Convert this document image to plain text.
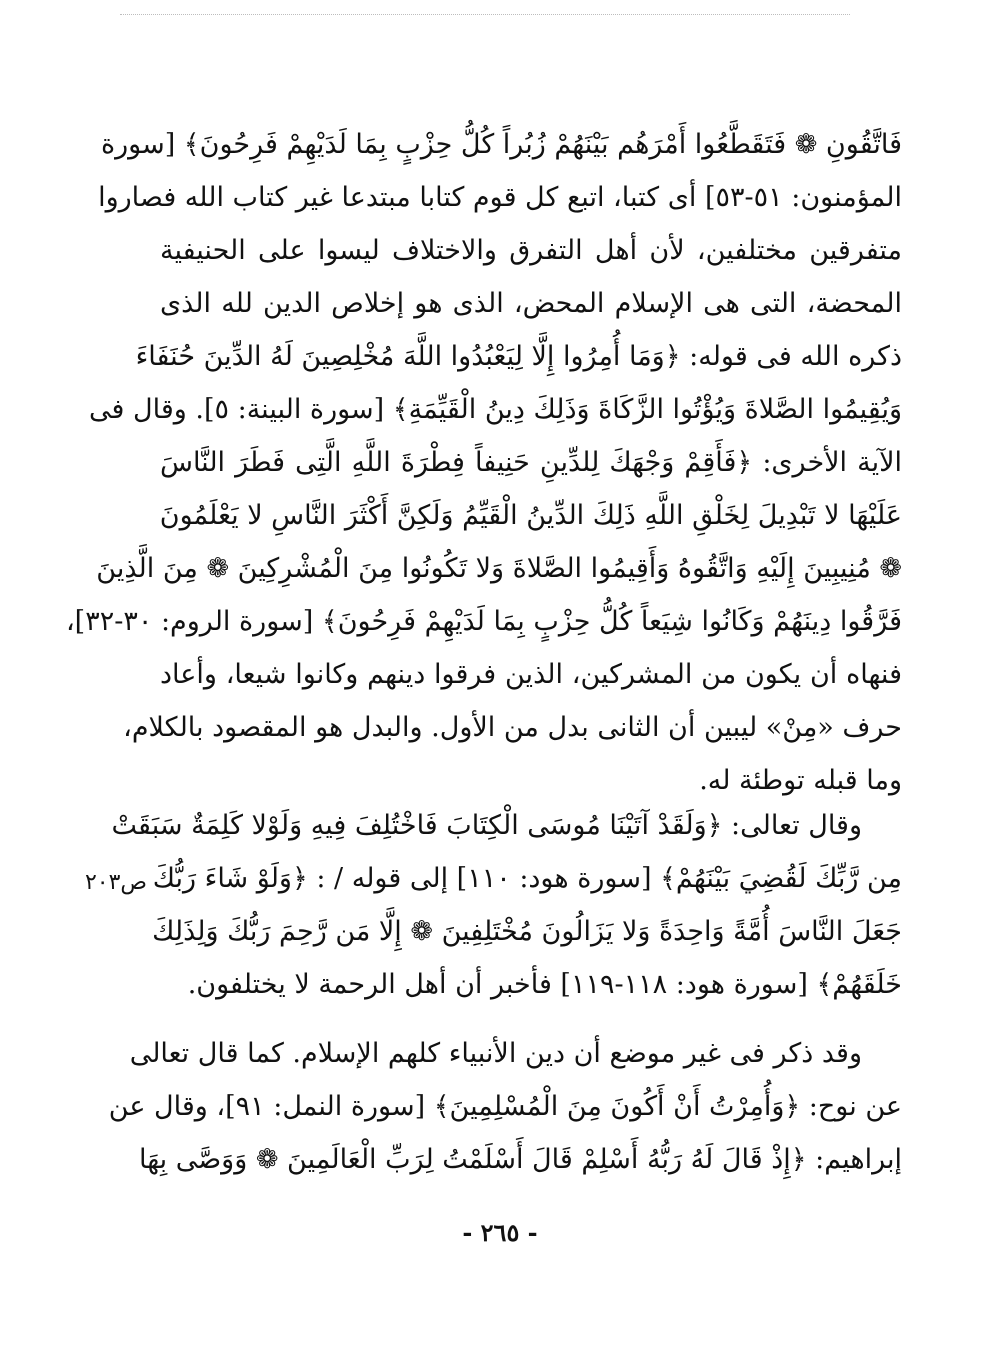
فَاتَّقُونِ ❁ فَتَقَطَّعُوا أَمْرَهُم بَيْنَهُمْ زُبُراً كُلُّ حِزْبٍ بِمَا لَدَيْهِمْ فَرِحُونَ﴾ [سورة
المؤمنون: ٥١-٥٣] أى كتبا، اتبع كل قوم كتابا مبتدعا غير كتاب الله فصاروا
متفرقين مختلفين، لأن أهل التفرق والاختلاف ليسوا على الحنيفية
المحضة، التى هى الإسلام المحض، الذى هو إخلاص الدين لله الذى
ذكره الله فى قوله: ﴿وَمَا أُمِرُوا إِلَّا لِيَعْبُدُوا اللَّهَ مُخْلِصِينَ لَهُ الدِّينَ حُنَفَاءَ
وَيُقِيمُوا الصَّلاةَ وَيُؤْتُوا الزَّكَاةَ وَذَلِكَ دِينُ الْقَيِّمَةِ﴾ [سورة البينة: ٥]. وقال فى
الآية الأخرى: ﴿فَأَقِمْ وَجْهَكَ لِلدِّينِ حَنِيفاً فِطْرَةَ اللَّهِ الَّتِى فَطَرَ النَّاسَ
عَلَيْهَا لا تَبْدِيلَ لِخَلْقِ اللَّهِ ذَلِكَ الدِّينُ الْقَيِّمُ وَلَكِنَّ أَكْثَرَ النَّاسِ لا يَعْلَمُونَ
❁ مُنِيبِينَ إِلَيْهِ وَاتَّقُوهُ وَأَقِيمُوا الصَّلاةَ وَلا تَكُونُوا مِنَ الْمُشْرِكِينَ ❁ مِنَ الَّذِينَ
فَرَّقُوا دِينَهُمْ وَكَانُوا شِيَعاً كُلُّ حِزْبٍ بِمَا لَدَيْهِمْ فَرِحُونَ﴾ [سورة الروم: ٣٠-٣٢]،
فنهاه أن يكون من المشركين، الذين فرقوا دينهم وكانوا شيعا، وأعاد
حرف «مِنْ» ليبين أن الثانى بدل من الأول. والبدل هو المقصود بالكلام،
وما قبله توطئة له.
وقال تعالى: ﴿وَلَقَدْ آتَيْنَا مُوسَى الْكِتَابَ فَاخْتُلِفَ فِيهِ وَلَوْلا كَلِمَةٌ سَبَقَتْ
مِن رَّبِّكَ لَقُضِيَ بَيْنَهُمْ﴾ [سورة هود: ١١٠] إلى قوله / : ﴿وَلَوْ شَاءَ رَبُّكَ
جَعَلَ النَّاسَ أُمَّةً وَاحِدَةً وَلا يَزَالُونَ مُخْتَلِفِينَ ❁ إِلَّا مَن رَّحِمَ رَبُّكَ وَلِذَلِكَ
خَلَقَهُمْ﴾ [سورة هود: ١١٨-١١٩] فأخبر أن أهل الرحمة لا يختلفون.
ص٢٠٣
وقد ذكر فى غير موضع أن دين الأنبياء كلهم الإسلام. كما قال تعالى
عن نوح: ﴿وَأُمِرْتُ أَنْ أَكُونَ مِنَ الْمُسْلِمِينَ﴾ [سورة النمل: ٩١]، وقال عن
إبراهيم: ﴿إِذْ قَالَ لَهُ رَبُّهُ أَسْلِمْ قَالَ أَسْلَمْتُ لِرَبِّ الْعَالَمِينَ ❁ وَوَصَّى بِهَا
- ٢٦٥ -
